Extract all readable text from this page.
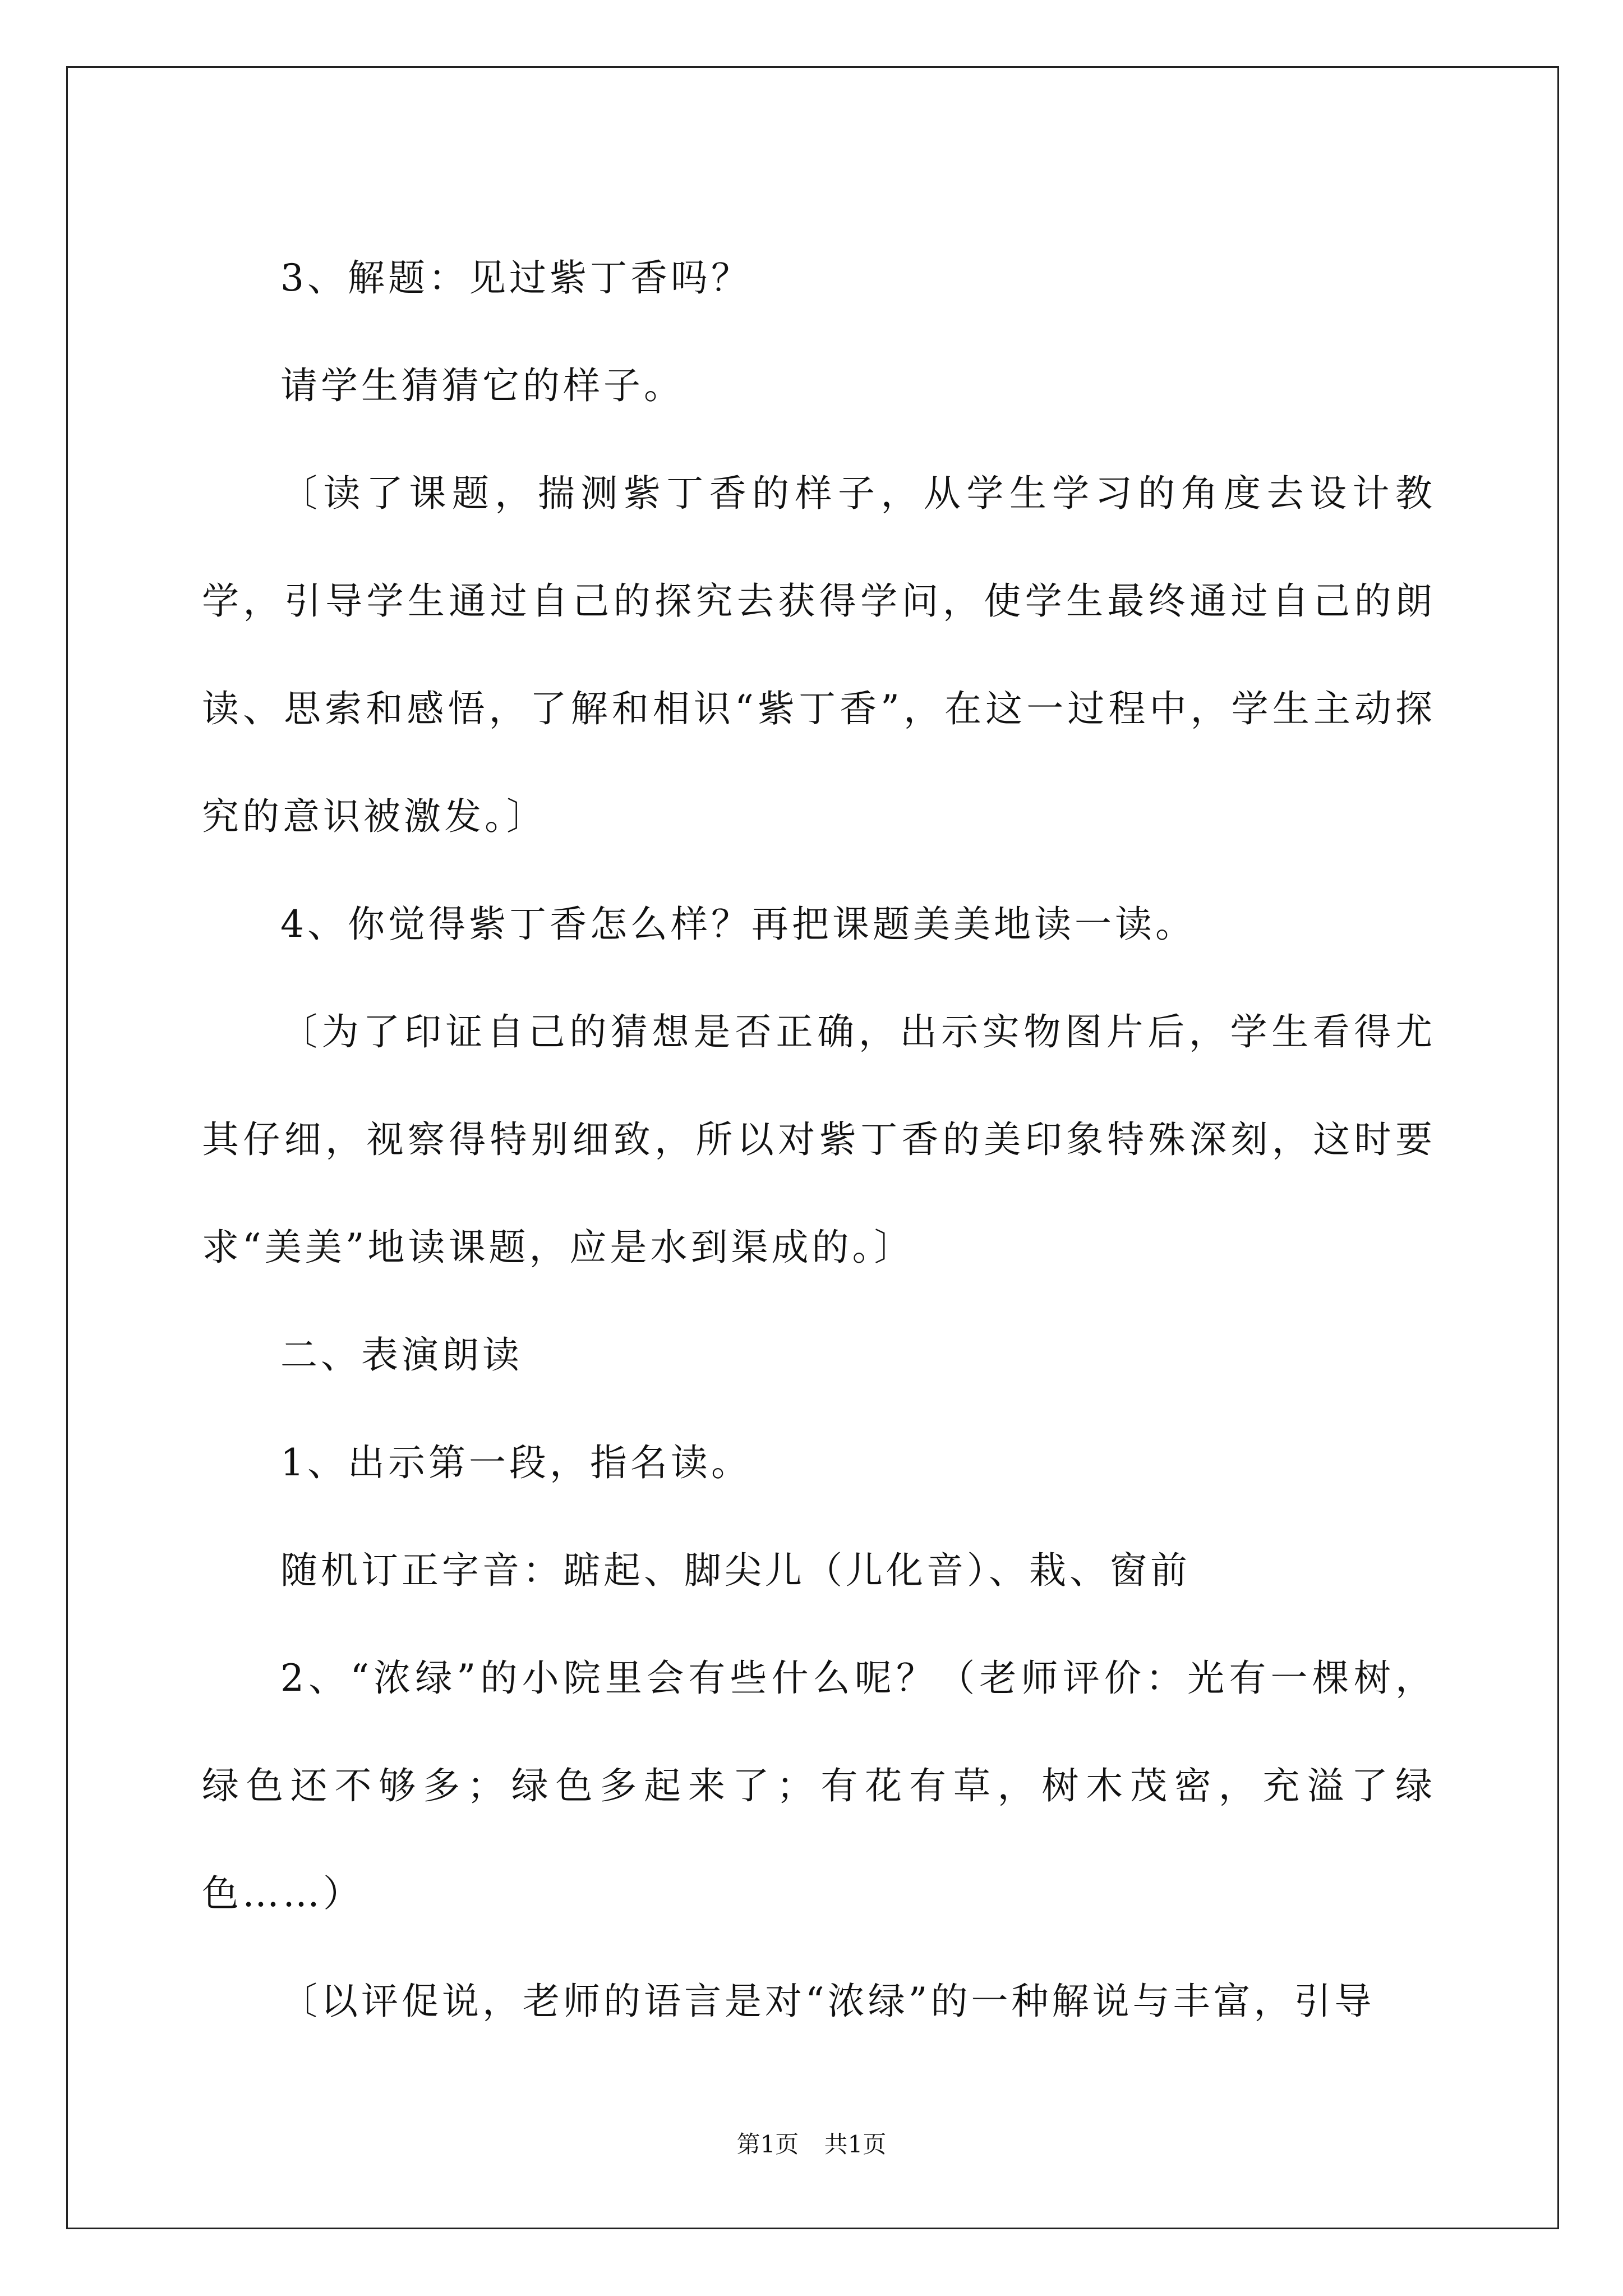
3、解题：见过紫丁香吗？

请学生猜猜它的样子。

〔读了课题，揣测紫丁香的样子，从学生学习的角度去设计教学，引导学生通过自己的探究去获得学问，使学生最终通过自己的朗读、思索和感悟，了解和相识“紫丁香”，在这一过程中，学生主动探究的意识被激发。〕

4、你觉得紫丁香怎么样？再把课题美美地读一读。

〔为了印证自己的猜想是否正确，出示实物图片后，学生看得尤其仔细，视察得特别细致，所以对紫丁香的美印象特殊深刻，这时要求“美美”地读课题，应是水到渠成的。〕

二、表演朗读

1、出示第一段，指名读。

随机订正字音：踮起、脚尖儿（儿化音）、栽、窗前

2、“浓绿”的小院里会有些什么呢？（老师评价：光有一棵树，绿色还不够多；绿色多起来了；有花有草，树木茂密，充溢了绿色……）

〔以评促说，老师的语言是对“浓绿”的一种解说与丰富，引导

第1页 共1页
